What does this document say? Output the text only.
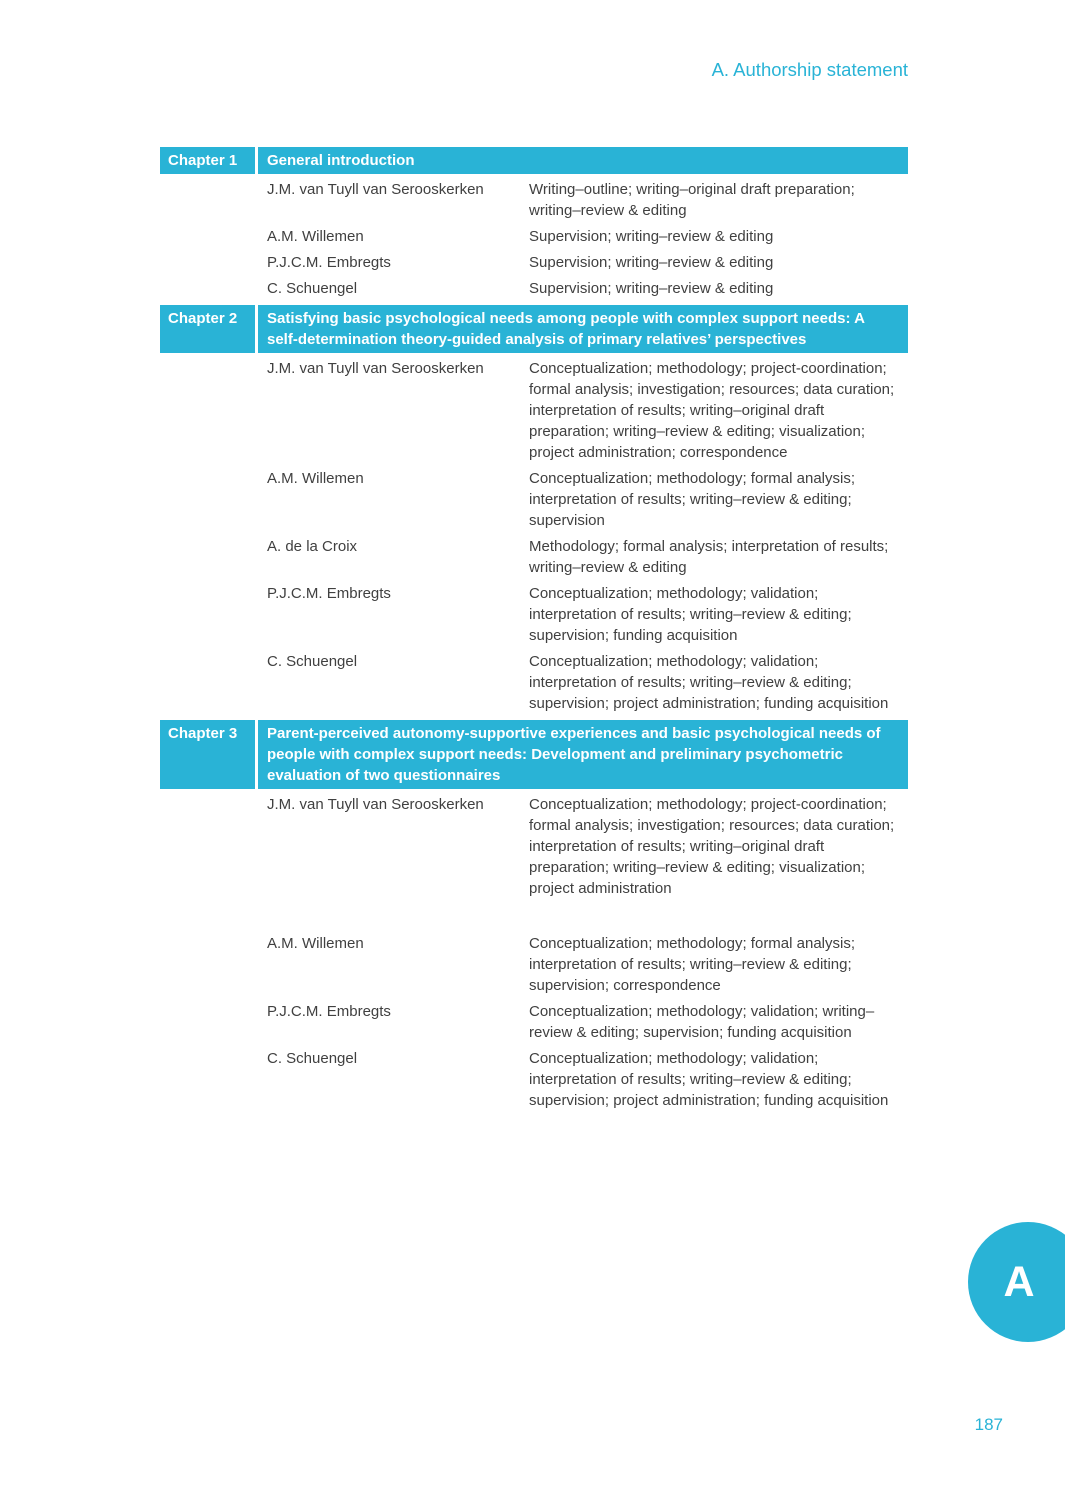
A. Authorship statement
Chapter 1	General introduction
J.M. van Tuyll van Serooskerken	Writing–outline; writing–original draft preparation; writing–review & editing
A.M. Willemen	Supervision; writing–review & editing
P.J.C.M. Embregts	Supervision; writing–review & editing
C. Schuengel	Supervision; writing–review & editing
Chapter 2	Satisfying basic psychological needs among people with complex support needs: A self-determination theory-guided analysis of primary relatives’ perspectives
J.M. van Tuyll van Serooskerken	Conceptualization; methodology; project-coordination; formal analysis; investigation; resources; data curation; interpretation of results; writing–original draft preparation; writing–review & editing; visualization; project administration; correspondence
A.M. Willemen	Conceptualization; methodology; formal analysis; interpretation of results; writing–review & editing; supervision
A. de la Croix	Methodology; formal analysis; interpretation of results; writing–review & editing
P.J.C.M. Embregts	Conceptualization; methodology; validation; interpretation of results; writing–review & editing; supervision; funding acquisition
C. Schuengel	Conceptualization; methodology; validation; interpretation of results; writing–review & editing; supervision; project administration; funding acquisition
Chapter 3	Parent-perceived autonomy-supportive experiences and basic psychological needs of people with complex support needs: Development and preliminary psychometric evaluation of two questionnaires
J.M. van Tuyll van Serooskerken	Conceptualization; methodology; project-coordination; formal analysis; investigation; resources; data curation; interpretation of results; writing–original draft preparation; writing–review & editing; visualization; project administration
A.M. Willemen	Conceptualization; methodology; formal analysis; interpretation of results; writing–review & editing; supervision; correspondence
P.J.C.M. Embregts	Conceptualization; methodology; validation; writing–review & editing; supervision; funding acquisition
C. Schuengel	Conceptualization; methodology; validation; interpretation of results; writing–review & editing; supervision; project administration; funding acquisition
A
187
